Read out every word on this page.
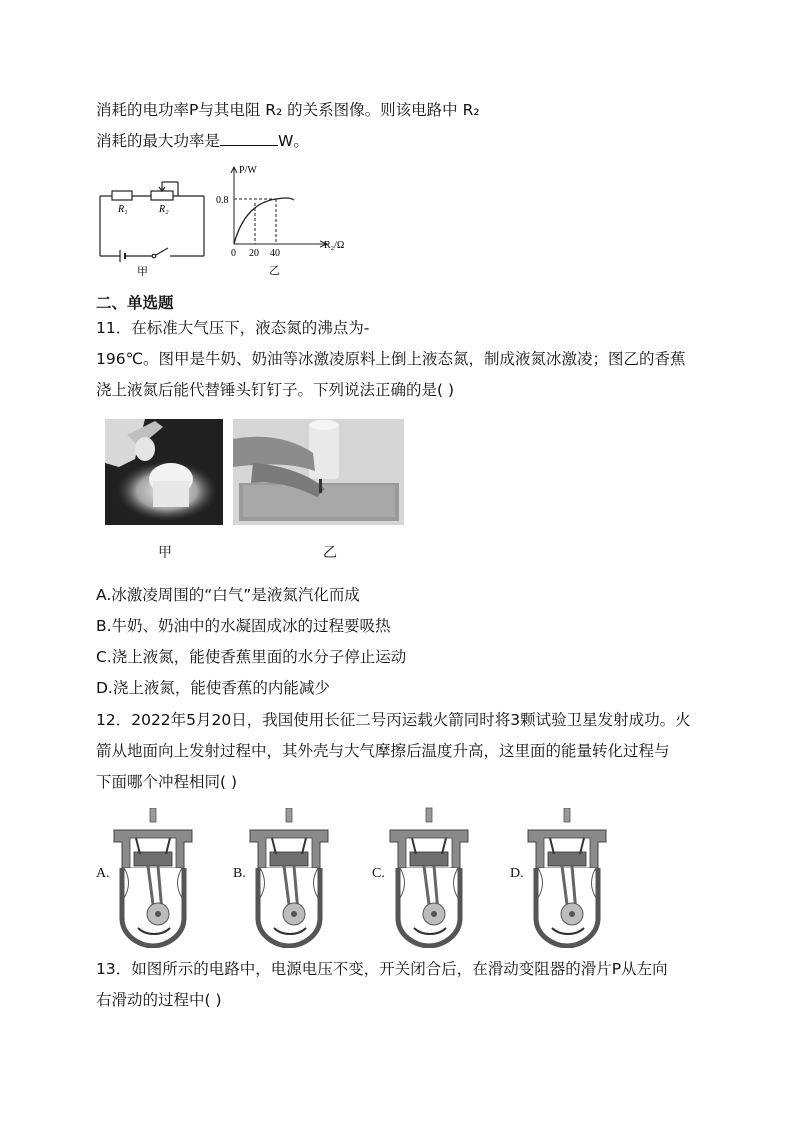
消耗的电功率P与其电阻 R₂ 的关系图像。则该电路中 R₂
消耗的最大功率是	W。
R₁	R₂
甲
P/W
0.8
0 20 40
R₂/Ω
乙
二、单选题
11．在标准大气压下，液态氮的沸点为-
196℃。图甲是牛奶、奶油等冰激凌原料上倒上液态氮，制成液氮冰激凌；图乙的香蕉
浇上液氮后能代替锤头钉钉子。下列说法正确的是( )
甲	乙
A.冰激凌周围的“白气”是液氮汽化而成
B.牛奶、奶油中的水凝固成冰的过程要吸热
C.浇上液氮，能使香蕉里面的水分子停止运动
D.浇上液氮，能使香蕉的内能减少
12．2022年5月20日，我国使用长征二号丙运载火箭同时将3颗试验卫星发射成功。火
箭从地面向上发射过程中，其外壳与大气摩擦后温度升高，这里面的能量转化过程与
下面哪个冲程相同( )
A.	B.	C.	D.
13．如图所示的电路中，电源电压不变，开关闭合后，在滑动变阻器的滑片P从左向
右滑动的过程中( )
